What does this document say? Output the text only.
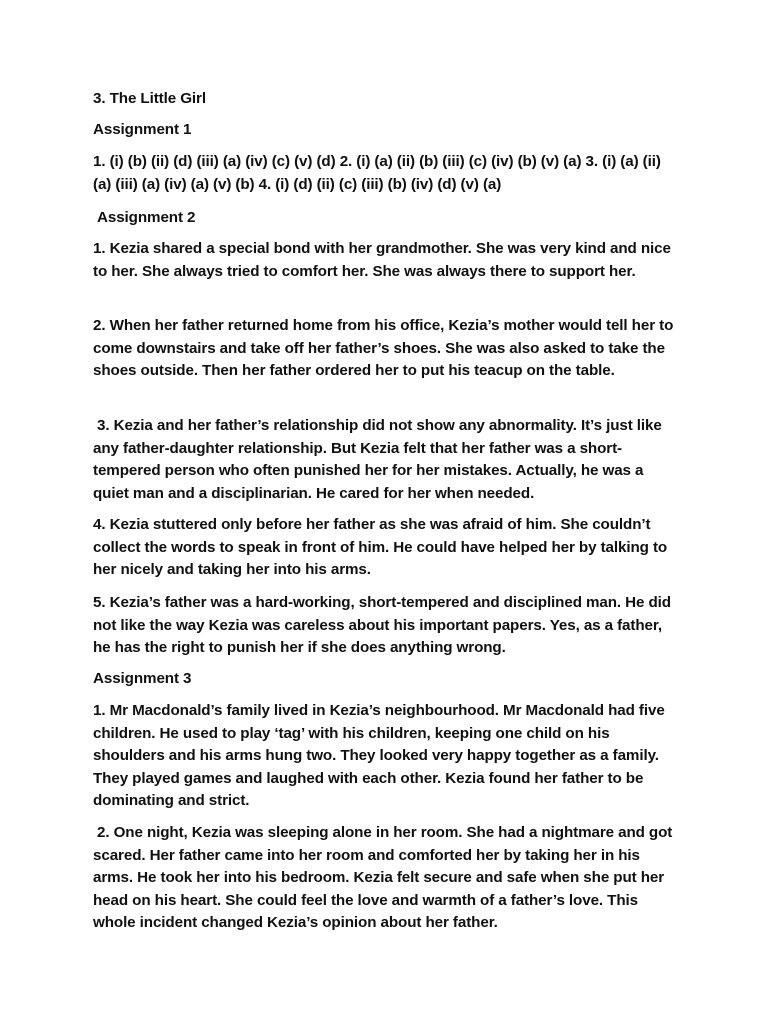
3. The Little Girl

Assignment 1

1. (i) (b) (ii) (d) (iii) (a) (iv) (c) (v) (d) 2. (i) (a) (ii) (b) (iii) (c) (iv) (b) (v) (a) 3. (i) (a) (ii) (a) (iii) (a) (iv) (a) (v) (b) 4. (i) (d) (ii) (c) (iii) (b) (iv) (d) (v) (a)

Assignment 2

1. Kezia shared a special bond with her grandmother. She was very kind and nice to her. She always tried to comfort her. She was always there to support her.

2. When her father returned home from his office, Kezia’s mother would tell her to come downstairs and take off her father’s shoes. She was also asked to take the shoes outside. Then her father ordered her to put his teacup on the table.

3. Kezia and her father’s relationship did not show any abnormality. It’s just like any father-daughter relationship. But Kezia felt that her father was a short-tempered person who often punished her for her mistakes. Actually, he was a quiet man and a disciplinarian. He cared for her when needed.

4. Kezia stuttered only before her father as she was afraid of him. She couldn’t collect the words to speak in front of him. He could have helped her by talking to her nicely and taking her into his arms.

5. Kezia’s father was a hard-working, short-tempered and disciplined man. He did not like the way Kezia was careless about his important papers. Yes, as a father, he has the right to punish her if she does anything wrong.

Assignment 3

1. Mr Macdonald’s family lived in Kezia’s neighbourhood. Mr Macdonald had five children. He used to play ‘tag’ with his children, keeping one child on his shoulders and his arms hung two. They looked very happy together as a family. They played games and laughed with each other. Kezia found her father to be dominating and strict.

2. One night, Kezia was sleeping alone in her room. She had a nightmare and got scared. Her father came into her room and comforted her by taking her in his arms. He took her into his bedroom. Kezia felt secure and safe when she put her head on his heart. She could feel the love and warmth of a father’s love. This whole incident changed Kezia’s opinion about her father.
